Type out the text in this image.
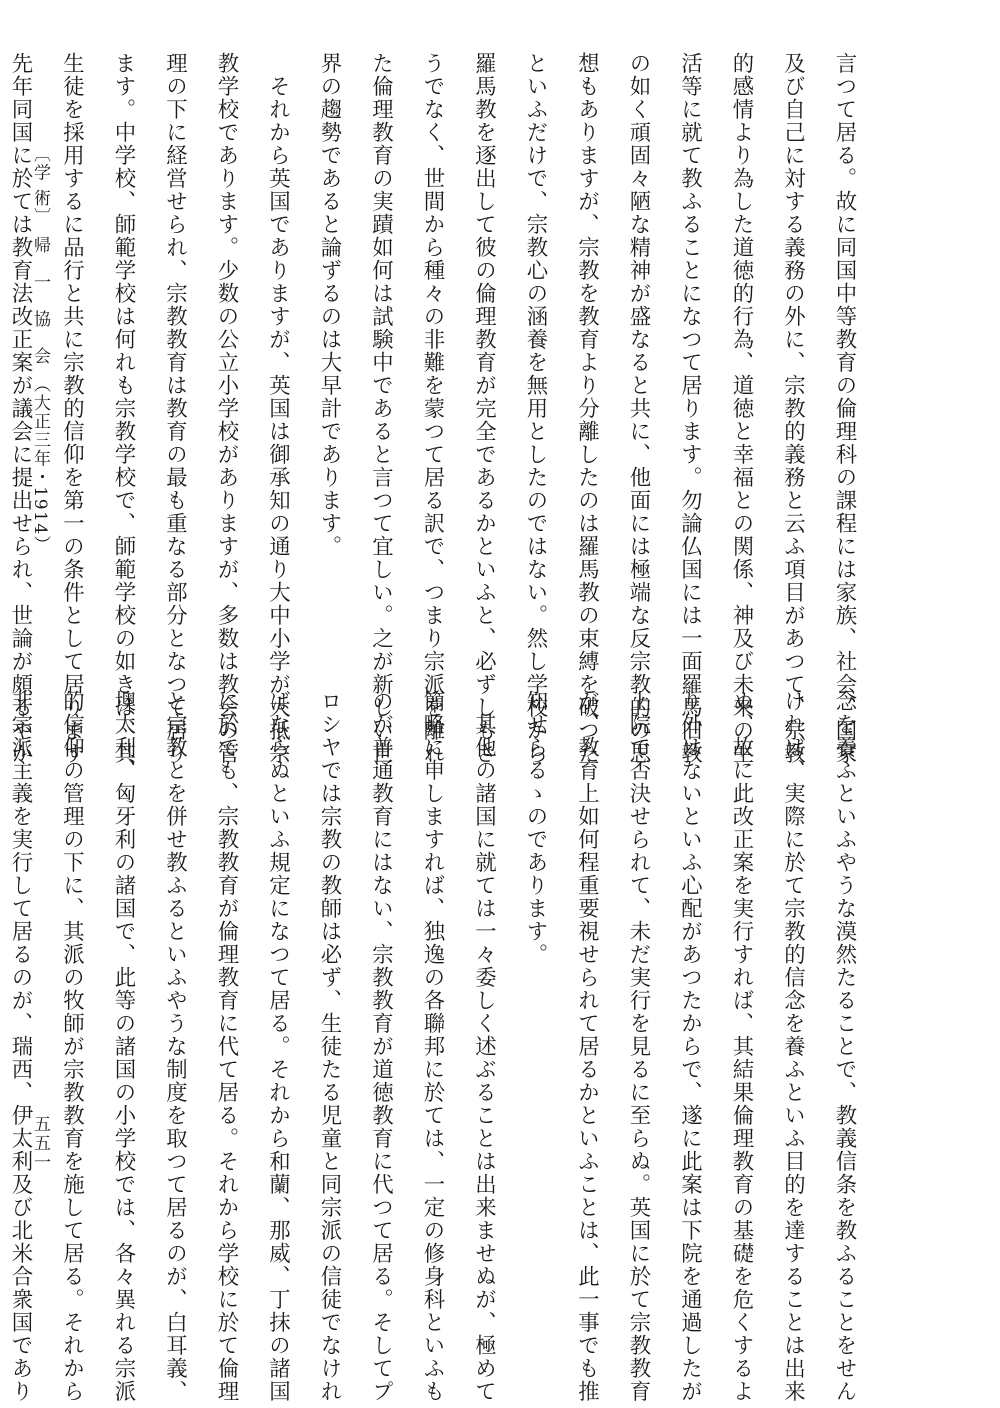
言つて居る。故に同国中等教育の倫理科の課程には家族、社会、国家
及び自己に対する義務の外に、宗教的義務と云ふ項目があつて、宗教
的感情より為した道徳的行為、道徳と幸福との関係、神及び未来の生
活等に就て教ふることになつて居ります。勿論仏国には一面羅馬旧教
の如く頑固々陋な精神が盛なると共に、他面には極端な反宗教的の思
想もありますが、宗教を教育より分離したのは羅馬教の束縛を破つた
といふだけで、宗教心の涵養を無用としたのではない。然し学校から
羅馬教を逐出して彼の倫理教育が完全であるかといふと、必ずしもさ
うでなく、世間から種々の非難を蒙つて居る訳で、つまり宗派を離れ
た倫理教育の実蹟如何は試験中であると言つて宜しい。之が新しい世
界の趨勢であると論ずるのは大早計であります。
　それから英国でありますが、英国は御承知の通り大中小学が大抵宗
教学校であります。少数の公立小学校がありますが、多数は教会の管
理の下に経営せられ、宗教教育は教育の最も重なる部分となつて居り
ます。中学校、師範学校は何れも宗教学校で、師範学校の如きは、其
生徒を採用するに品行と共に宗教的信仰を第一の条件として居ります
先年同国に於ては教育法改正案が議会に提出せられ、世論が頗るやか
念を養ふといふやうな漠然たることで、教義信条を教ふることをせん
ければ、実際に於て宗教的信念を養ふといふ目的を達することは出来
ぬ、故に此改正案を実行すれば、其結果倫理教育の基礎を危くするよ
り外はないといふ心配があつたからで、遂に此案は下院を通過したが
上院で否決せられて、未だ実行を見るに至らぬ。英国に於て宗教教育
が、教育上如何程重要視せられて居るかといふことは、此一事でも推
知せらるゝのであります。
　其他の諸国に就ては一々委しく述ぶることは出来ませぬが、極めて
簡略に申しますれば、独逸の各聯邦に於ては、一定の修身科といふも
のが普通教育にはない、宗教教育が道徳教育に代つて居る。そしてプ
ロシヤでは宗教の教師は必ず、生徒たる児童と同宗派の信徒でなけれ
ばならぬといふ規定になつて居る。それから和蘭、那威、丁抹の諸国
に於ても、宗教教育が倫理教育に代て居る。それから学校に於て倫理
と宗教とを併せ教ふるといふやうな制度を取つて居るのが、白耳義、
墺太利、匈牙利の諸国で、此等の諸国の小学校では、各々異れる宗派
的信仰の管理の下に、其派の牧師が宗教教育を施して居る。それから
非宗派主義を実行して居るのが、瑞西、伊太利及び北米合衆国であり
〔学 術〕　帰　一　協　会　（大正三年・1914）
五五一
